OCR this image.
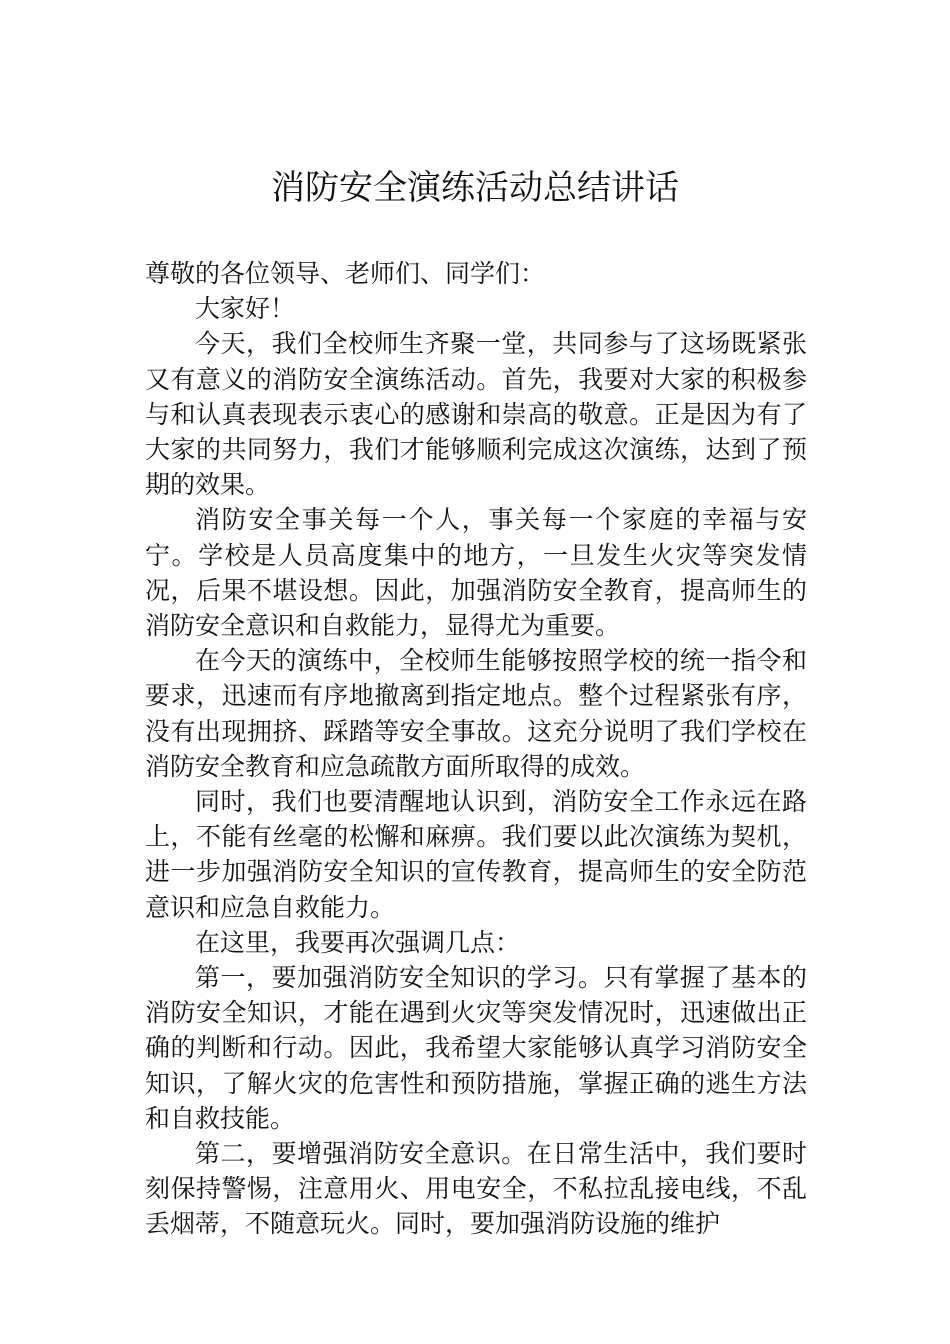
消防安全演练活动总结讲话

尊敬的各位领导、老师们、同学们：

大家好！

今天，我们全校师生齐聚一堂，共同参与了这场既紧张又有意义的消防安全演练活动。首先，我要对大家的积极参与和认真表现表示衷心的感谢和崇高的敬意。正是因为有了大家的共同努力，我们才能够顺利完成这次演练，达到了预期的效果。

消防安全事关每一个人，事关每一个家庭的幸福与安宁。学校是人员高度集中的地方，一旦发生火灾等突发情况，后果不堪设想。因此，加强消防安全教育，提高师生的消防安全意识和自救能力，显得尤为重要。

在今天的演练中，全校师生能够按照学校的统一指令和要求，迅速而有序地撤离到指定地点。整个过程紧张有序，没有出现拥挤、踩踏等安全事故。这充分说明了我们学校在消防安全教育和应急疏散方面所取得的成效。

同时，我们也要清醒地认识到，消防安全工作永远在路上，不能有丝毫的松懈和麻痹。我们要以此次演练为契机，进一步加强消防安全知识的宣传教育，提高师生的安全防范意识和应急自救能力。

在这里，我要再次强调几点：

第一，要加强消防安全知识的学习。只有掌握了基本的消防安全知识，才能在遇到火灾等突发情况时，迅速做出正确的判断和行动。因此，我希望大家能够认真学习消防安全知识，了解火灾的危害性和预防措施，掌握正确的逃生方法和自救技能。

第二，要增强消防安全意识。在日常生活中，我们要时刻保持警惕，注意用火、用电安全，不私拉乱接电线，不乱丢烟蒂，不随意玩火。同时，要加强消防设施的维护
